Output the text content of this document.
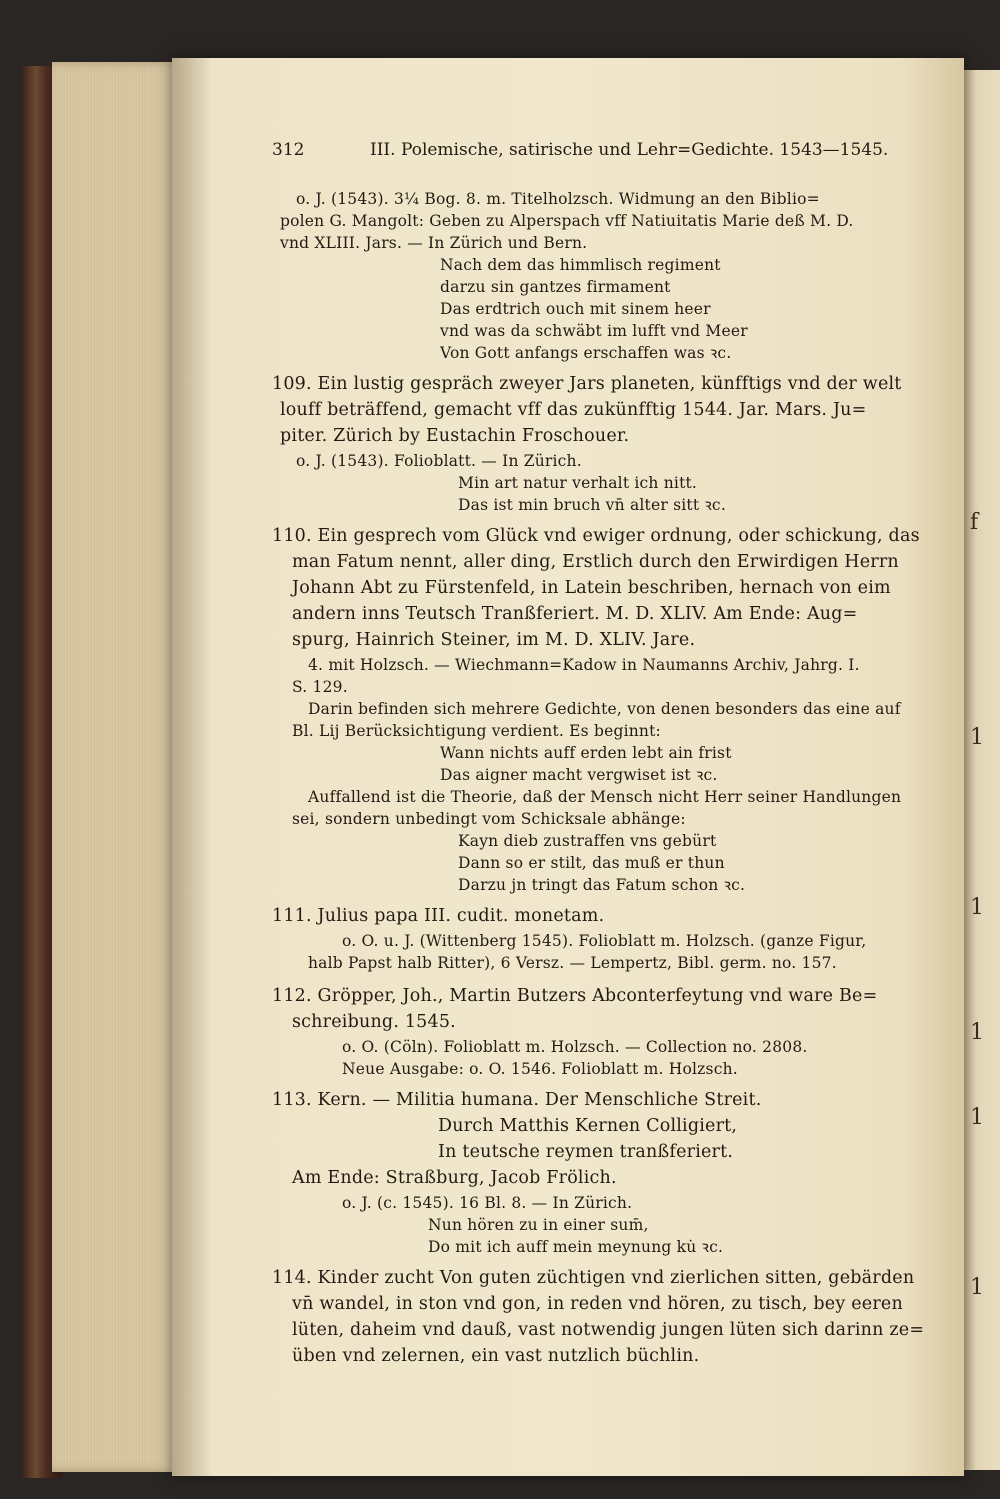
f
1
1
1
1
1
312	III. Polemische, satirische und Lehr=Gedichte. 1543—1545.
o. J. (1543). 3¼ Bog. 8. m. Titelholzsch. Widmung an den Biblio=
polen G. Mangolt: Geben zu Alperspach vff Natiuitatis Marie deß M. D.
vnd XLIII. Jars. — In Zürich und Bern.
Nach dem das himmlisch regiment
darzu sin gantzes firmament
Das erdtrich ouch mit sinem heer
vnd was da schwäbt im lufft vnd Meer
Von Gott anfangs erschaffen was ꝛc.
109. Ein lustig gespräch zweyer Jars planeten, künfftigs vnd der welt
louff beträffend, gemacht vff das zukünfftig 1544. Jar. Mars. Ju=
piter. Zürich by Eustachin Froschouer.
o. J. (1543). Folioblatt. — In Zürich.
Min art natur verhalt ich nitt.
Das ist min bruch vn̄ alter sitt ꝛc.
110. Ein gesprech vom Glück vnd ewiger ordnung, oder schickung, das
man Fatum nennt, aller ding, Erstlich durch den Erwirdigen Herrn
Johann Abt zu Fürstenfeld, in Latein beschriben, hernach von eim
andern inns Teutsch Tranßferiert. M. D. XLIV. Am Ende: Aug=
spurg, Hainrich Steiner, im M. D. XLIV. Jare.
4. mit Holzsch. — Wiechmann=Kadow in Naumanns Archiv, Jahrg. I.
S. 129.
Darin befinden sich mehrere Gedichte, von denen besonders das eine auf
Bl. Lij Berücksichtigung verdient. Es beginnt:
Wann nichts auff erden lebt ain frist
Das aigner macht vergwiset ist ꝛc.
Auffallend ist die Theorie, daß der Mensch nicht Herr seiner Handlungen
sei, sondern unbedingt vom Schicksale abhänge:
Kayn dieb zustraffen vns gebürt
Dann so er stilt, das muß er thun
Darzu jn tringt das Fatum schon ꝛc.
111. Julius papa III. cudit. monetam.
o. O. u. J. (Wittenberg 1545). Folioblatt m. Holzsch. (ganze Figur,
halb Papst halb Ritter), 6 Versz. — Lempertz, Bibl. germ. no. 157.
112. Gröpper, Joh., Martin Butzers Abconterfeytung vnd ware Be=
schreibung. 1545.
o. O. (Cöln). Folioblatt m. Holzsch. — Collection no. 2808.
Neue Ausgabe: o. O. 1546. Folioblatt m. Holzsch.
113. Kern. — Militia humana. Der Menschliche Streit.
Durch Matthis Kernen Colligiert,
In teutsche reymen tranßferiert.
Am Ende: Straßburg, Jacob Frölich.
o. J. (c. 1545). 16 Bl. 8. — In Zürich.
Nun hören zu in einer sum̄,
Do mit ich auff mein meynung ku̇ ꝛc.
114. Kinder zucht Von guten züchtigen vnd zierlichen sitten, gebärden
vn̄ wandel, in ston vnd gon, in reden vnd hören, zu tisch, bey eeren
lüten, daheim vnd dauß, vast notwendig jungen lüten sich darinn ze=
üben vnd zelernen, ein vast nutzlich büchlin.
